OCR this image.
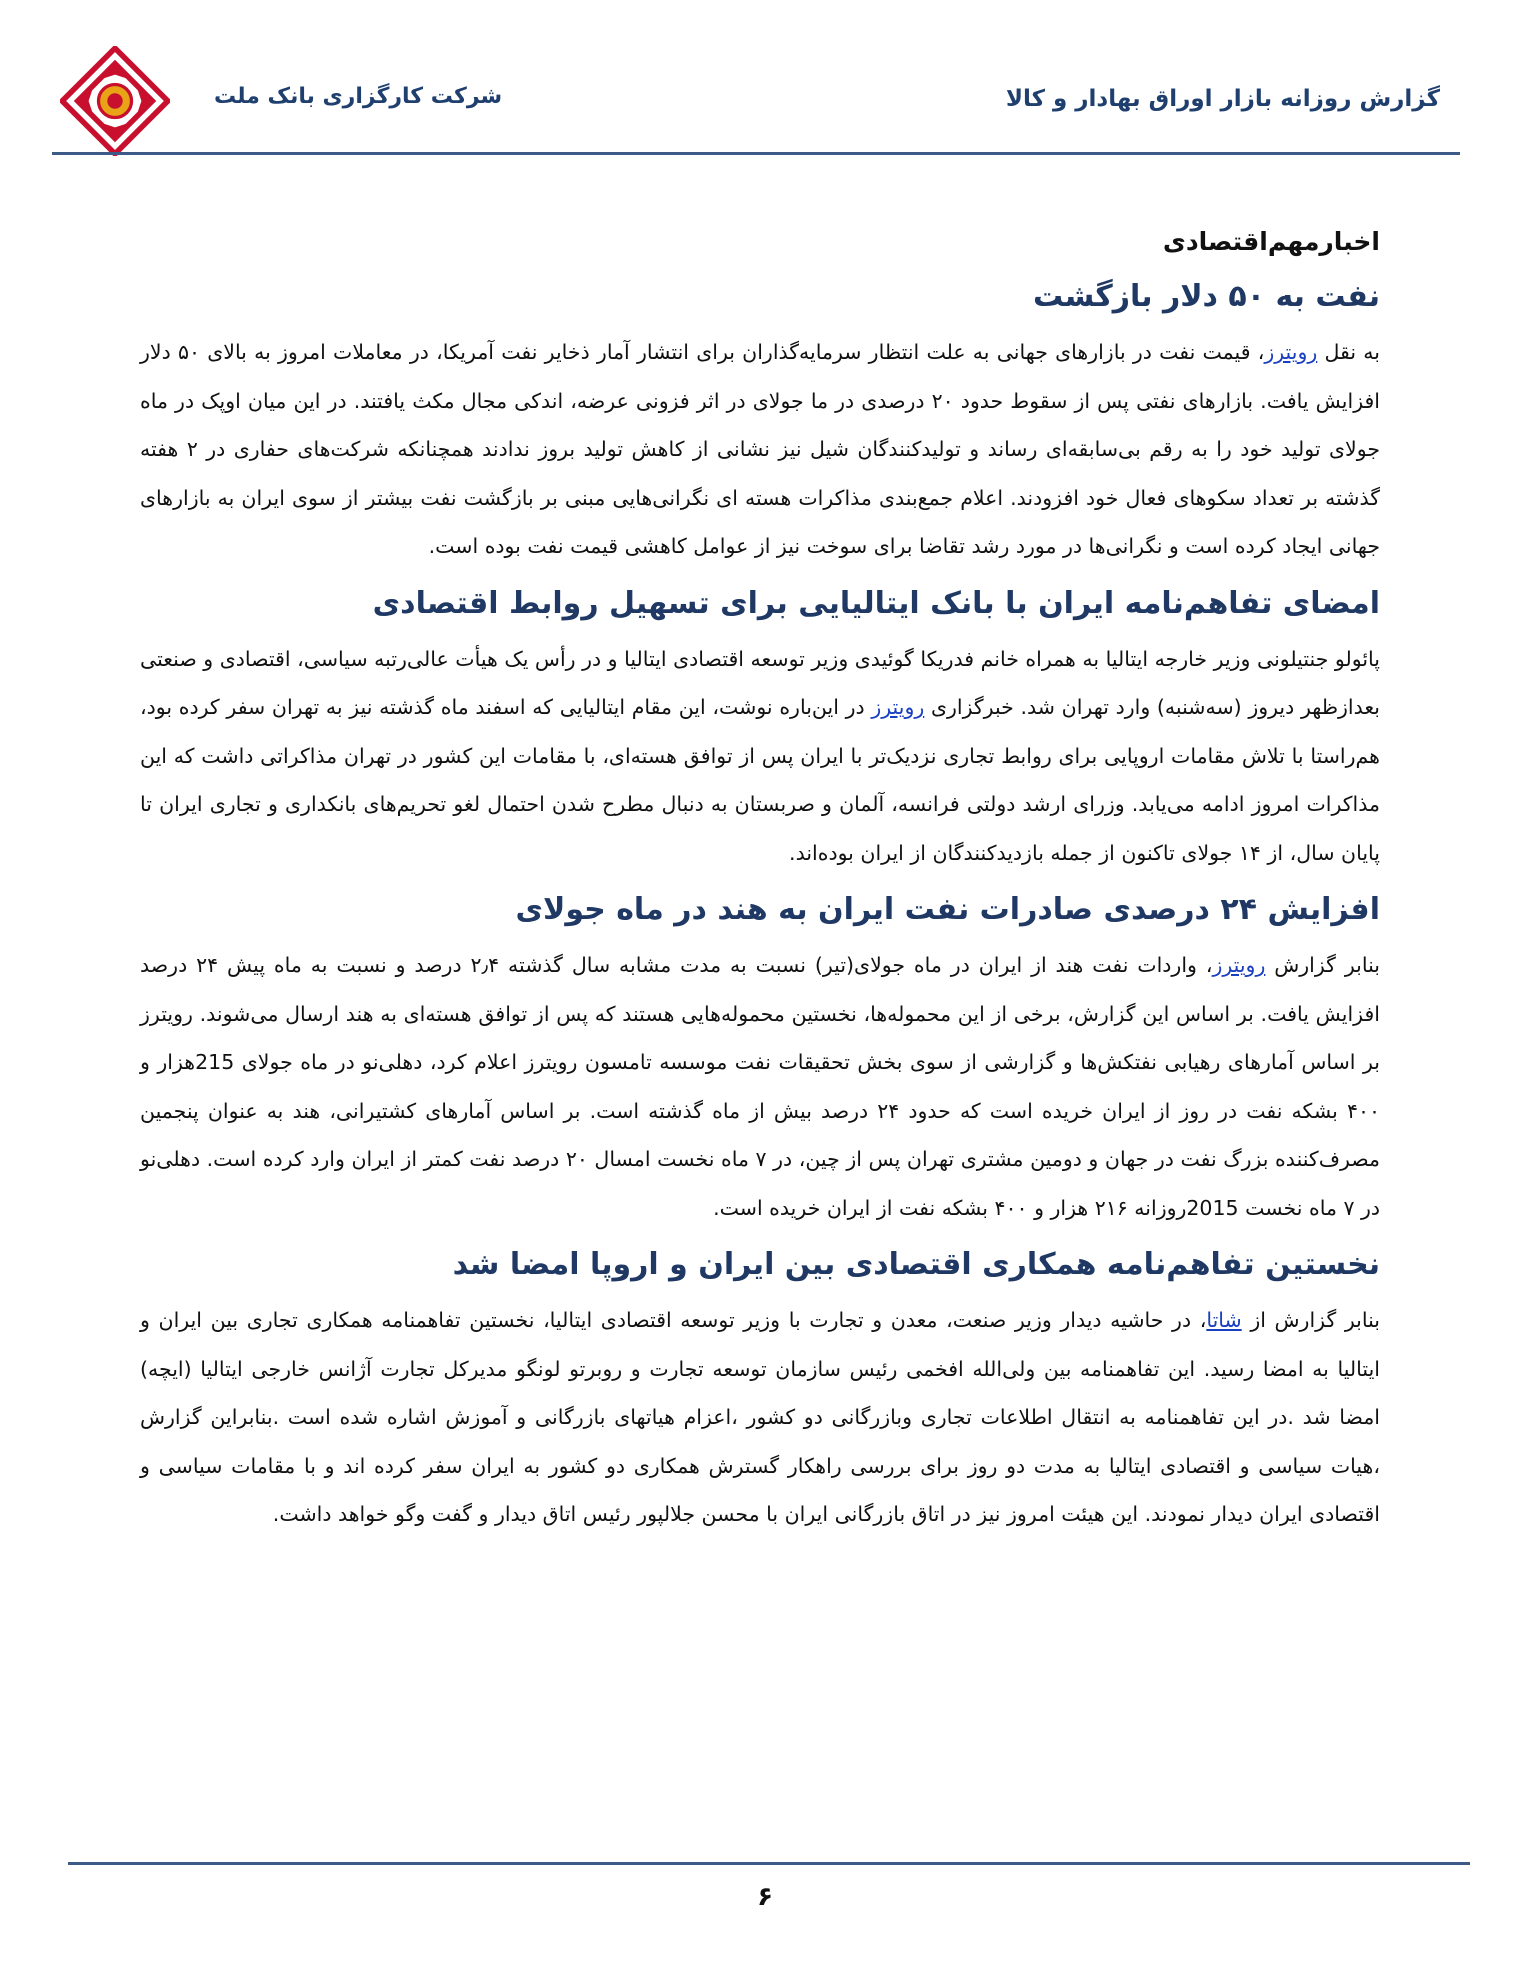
شرکت کارگزاری بانک ملت	گزارش روزانه بازار اوراق بهادار و کالا
اخبارمهم‌اقتصادی
نفت به ۵۰ دلار بازگشت

به نقل رویترز، قیمت نفت در بازارهای جهانی به علت انتظار سرمایه‌گذاران برای انتشار آمار ذخایر نفت آمریکا، در معاملات امروز به بالای ۵۰ دلار افزایش یافت. بازارهای نفتی پس از سقوط حدود ۲۰ درصدی در ما جولای در اثر فزونی عرضه، اندکی مجال مکث یافتند. در این میان اوپک در ماه جولای تولید خود را به رقم بی‌سابقه‌ای رساند و تولیدکنندگان شیل نیز نشانی از کاهش تولید بروز ندادند همچنانکه شرکت‌های حفاری در ۲ هفته گذشته بر تعداد سکوهای فعال خود افزودند. اعلام جمع‌بندی مذاکرات هسته ای نگرانی‌هایی مبنی بر بازگشت نفت بیشتر از سوی ایران به بازارهای جهانی ایجاد کرده است و نگرانی‌ها در مورد رشد تقاضا برای سوخت نیز از عوامل کاهشی قیمت نفت بوده است.

امضای تفاهم‌نامه ایران با بانک ایتالیایی برای تسهیل روابط اقتصادی

پائولو جنتیلونی وزیر خارجه ایتالیا به همراه خانم فدریکا گوئیدی وزیر توسعه اقتصادی ایتالیا و در رأس یک هیأت عالی‌رتبه سیاسی، اقتصادی و صنعتی بعدازظهر دیروز (سه‌شنبه) وارد تهران شد. خبرگزاری رویترز در این‌باره نوشت، این مقام ایتالیایی که اسفند ماه گذشته نیز به تهران سفر کرده بود، هم‌راستا با تلاش مقامات اروپایی برای روابط تجاری نزدیک‌تر با ایران پس از توافق هسته‌ای، با مقامات این کشور در تهران مذاکراتی داشت که این مذاکرات امروز ادامه می‌یابد. وزرای ارشد دولتی فرانسه، آلمان و صربستان به دنبال مطرح شدن احتمال لغو تحریم‌های بانکداری و تجاری ایران تا پایان سال، از ۱۴ جولای تاکنون از جمله بازدیدکنندگان از ایران بوده‌اند.

افزایش ۲۴ درصدی صادرات نفت ایران به هند در ماه جولای

بنابر گزارش رویترز، واردات نفت هند از ایران در ماه جولای(تیر) نسبت به مدت مشابه سال گذشته ۲٫۴ درصد و نسبت به ماه پیش ۲۴ درصد افزایش یافت. بر اساس این گزارش، برخی از این محموله‌ها، نخستین محموله‌هایی هستند که پس از توافق هسته‌ای به هند ارسال می‌شوند. رویترز بر اساس آمارهای رهیابی نفتکش‌ها و گزارشی از سوی بخش تحقیقات نفت موسسه تامسون رویترز اعلام کرد، دهلی‌نو در ماه جولای 215هزار و ۴۰۰ بشکه نفت در روز از ایران خریده است که حدود ۲۴ درصد بیش از ماه گذشته است. بر اساس آمارهای کشتیرانی، هند به عنوان پنجمین مصرف‌کننده بزرگ نفت در جهان و دومین مشتری تهران پس از چین، در ۷ ماه نخست امسال ۲۰ درصد نفت کمتر از ایران وارد کرده است. دهلی‌نو در ۷ ماه نخست 2015روزانه ۲۱۶ هزار و ۴۰۰ بشکه نفت از ایران خریده است.

نخستین تفاهم‌نامه همکاری اقتصادی بین ایران و اروپا امضا شد

بنابر گزارش از شاتا، در حاشیه دیدار وزیر صنعت، معدن و تجارت با وزیر توسعه اقتصادی ایتالیا، نخستین تفاهمنامه همکاری تجاری بین ایران و ایتالیا به امضا رسید. این تفاهمنامه بین ولی‌الله افخمی رئیس سازمان توسعه تجارت و روبرتو لونگو مدیرکل تجارت آژانس خارجی ایتالیا (ایچه) امضا شد .در این تفاهمنامه به انتقال اطلاعات تجاری وبازرگانی دو کشور ،اعزام هیاتهای بازرگانی و آموزش اشاره شده است .بنابراین گزارش ،هیات سیاسی و اقتصادی ایتالیا به مدت دو روز برای بررسی راهکار گسترش همکاری دو کشور به ایران سفر کرده اند و با مقامات سیاسی و اقتصادی ایران دیدار نمودند. این هیئت امروز نیز در اتاق بازرگانی ایران با محسن جلالپور رئیس اتاق دیدار و گفت وگو خواهد داشت.

۶
